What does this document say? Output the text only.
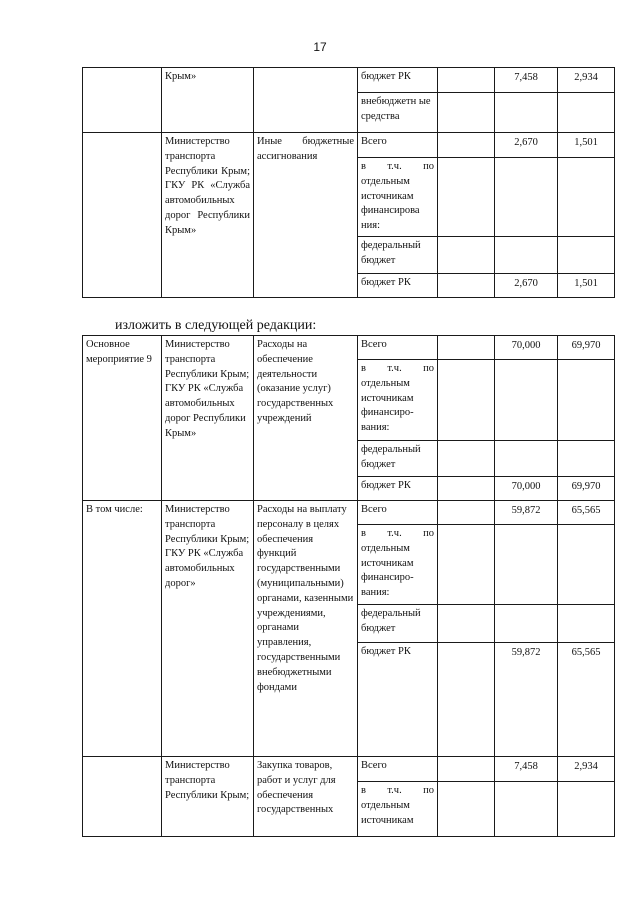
17
	Крым»		бюджет РК		7,458	2,934
			внебюджетн ые средства			
	Министерство транспорта Республики Крым; ГКУ РК «Служба автомобильных дорог Республики Крым»	Иные бюджетные ассигнования	Всего		2,670	1,501
			в т.ч. по отдельным источникам финансирова ния:			
			федеральный бюджет			
			бюджет РК		2,670	1,501
изложить в следующей редакции:
Основное мероприятие 9	Министерство транспорта Республики Крым; ГКУ РК «Служба автомобильных дорог Республики Крым»	Расходы на обеспечение деятельности (оказание услуг) государственных учреждений	Всего		70,000	69,970
			в т.ч. по отдельным источникам финансиро-вания:			
			федеральный бюджет			
			бюджет РК		70,000	69,970
В том числе:	Министерство транспорта Республики Крым; ГКУ РК «Служба автомобильных дорог»	Расходы на выплату персоналу в целях обеспечения функций государственными (муниципальными) органами, казенными учреждениями, органами управления, государственными внебюджетными фондами	Всего		59,872	65,565
			в т.ч. по отдельным источникам финансиро-вания:			
			федеральный бюджет			
			бюджет РК		59,872	65,565
	Министерство транспорта Республики Крым;	Закупка товаров, работ и услуг для обеспечения государственных	Всего		7,458	2,934
			в т.ч. по отдельным источникам			
